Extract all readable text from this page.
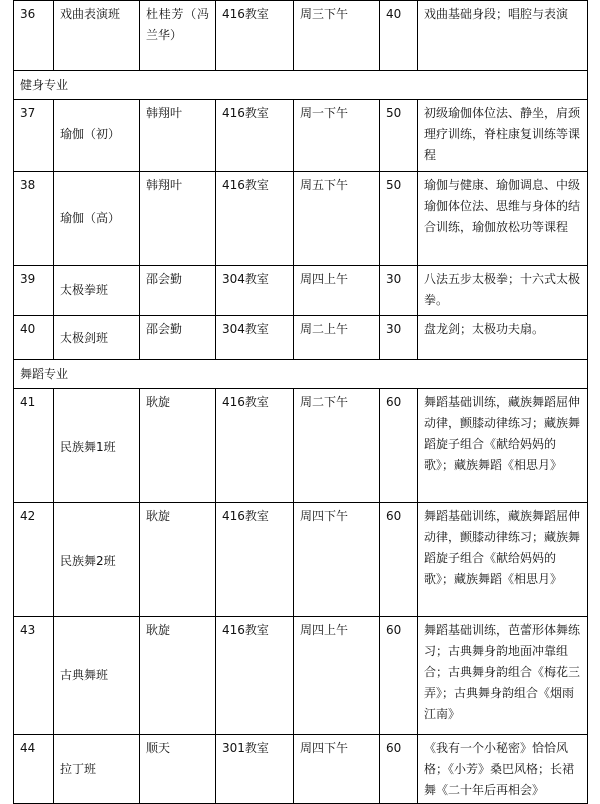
36	戏曲表演班	杜桂芳（冯兰华）	416教室	周三下午	40	戏曲基础身段；唱腔与表演
健身专业						
37	瑜伽（初）	韩翔叶	416教室	周一下午	50	初级瑜伽体位法、静坐，肩颈理疗训练，脊柱康复训练等课程
38	瑜伽（高）	韩翔叶	416教室	周五下午	50	瑜伽与健康、瑜伽调息、中级瑜伽体位法、思维与身体的结合训练，瑜伽放松功等课程
39	太极拳班	邵会勤	304教室	周四上午	30	八法五步太极拳；十六式太极拳。
40	太极剑班	邵会勤	304教室	周二上午	30	盘龙剑；太极功夫扇。
舞蹈专业						
41	民族舞1班	耿旋	416教室	周二下午	60	舞蹈基础训练，藏族舞蹈屈伸动律，颤膝动律练习；藏族舞蹈旋子组合《献给妈妈的歌》；藏族舞蹈《相思月》
42	民族舞2班	耿旋	416教室	周四下午	60	舞蹈基础训练，藏族舞蹈屈伸动律，颤膝动律练习；藏族舞蹈旋子组合《献给妈妈的歌》；藏族舞蹈《相思月》
43	古典舞班	耿旋	416教室	周四上午	60	舞蹈基础训练，芭蕾形体舞练习；古典舞身韵地面冲靠组合；古典舞身韵组合《梅花三弄》；古典舞身韵组合《烟雨江南》
44	拉丁班	顺天	301教室	周四下午	60	《我有一个小秘密》恰恰风格；《小芳》桑巴风格；长裙舞《二十年后再相会》
